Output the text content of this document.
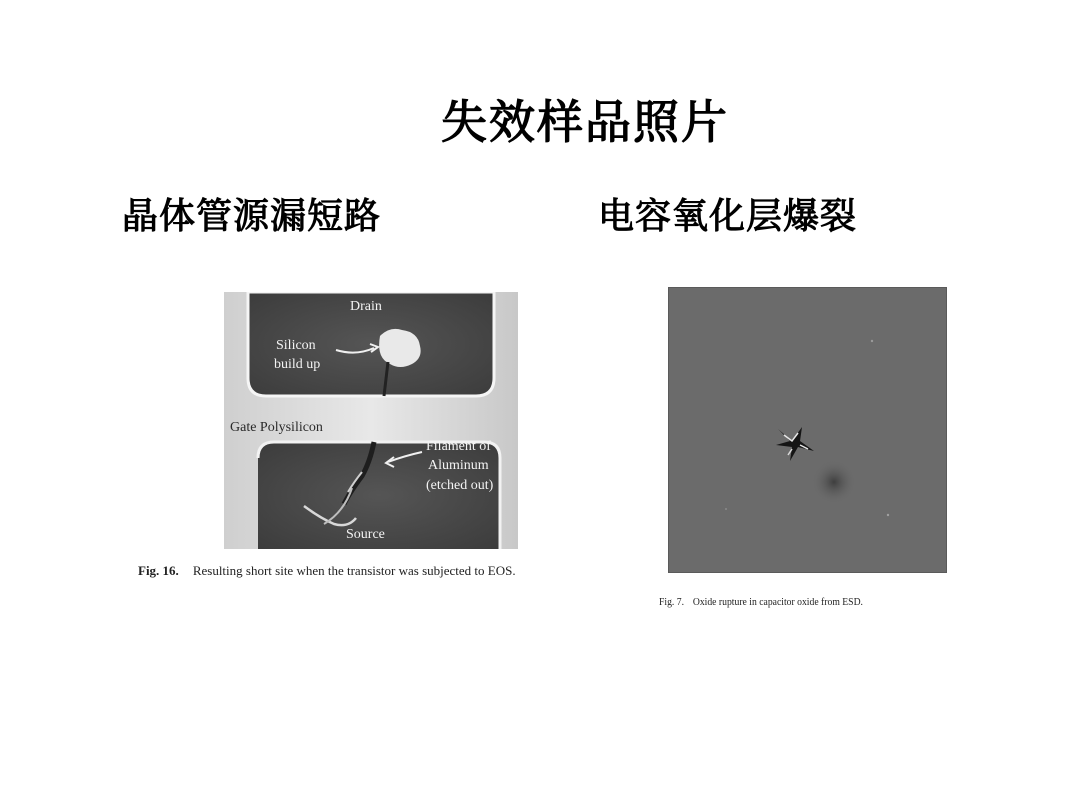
失效样品照片
晶体管源漏短路	电容氧化层爆裂
Drain
Silicon
build up
Gate Polysilicon
Filament of
Aluminum
(etched out)
Source
Fig. 16. Resulting short site when the transistor was subjected to EOS.
Fig. 7. Oxide rupture in capacitor oxide from ESD.
